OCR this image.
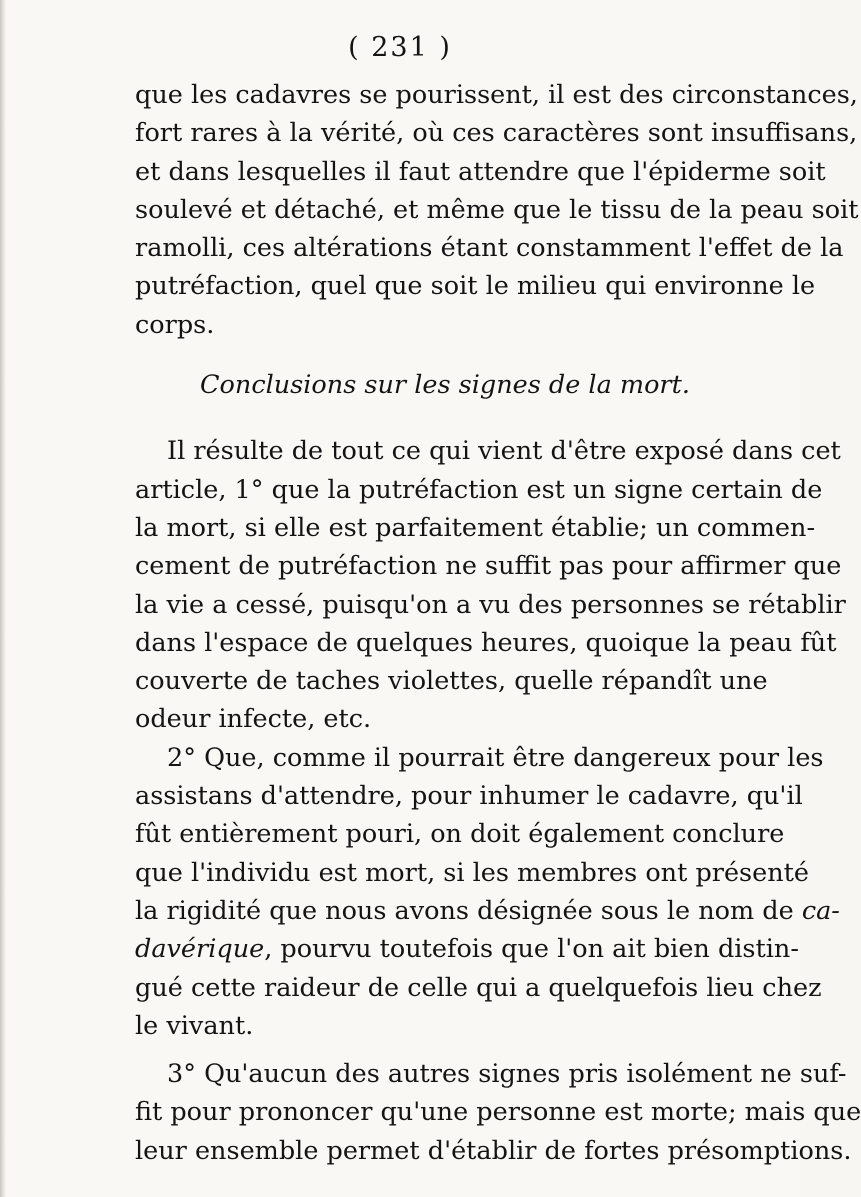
( 231 )
que les cadavres se pourissent, il est des circonstances,
fort rares à la vérité, où ces caractères sont insuffisans,
et dans lesquelles il faut attendre que l'épiderme soit
soulevé et détaché, et même que le tissu de la peau soit
ramolli, ces altérations étant constamment l'effet de la
putréfaction, quel que soit le milieu qui environne le
corps.
Conclusions sur les signes de la mort.
Il résulte de tout ce qui vient d'être exposé dans cet
article, 1° que la putréfaction est un signe certain de
la mort, si elle est parfaitement établie; un commen-
cement de putréfaction ne suffit pas pour affirmer que
la vie a cessé, puisqu'on a vu des personnes se rétablir
dans l'espace de quelques heures, quoique la peau fût
couverte de taches violettes, quelle répandît une
odeur infecte, etc.
2° Que, comme il pourrait être dangereux pour les
assistans d'attendre, pour inhumer le cadavre, qu'il
fût entièrement pouri, on doit également conclure
que l'individu est mort, si les membres ont présenté
la rigidité que nous avons désignée sous le nom de ca-
davérique, pourvu toutefois que l'on ait bien distin-
gué cette raideur de celle qui a quelquefois lieu chez
le vivant.
3° Qu'aucun des autres signes pris isolément ne suf-
fit pour prononcer qu'une personne est morte; mais que
leur ensemble permet d'établir de fortes présomptions.
